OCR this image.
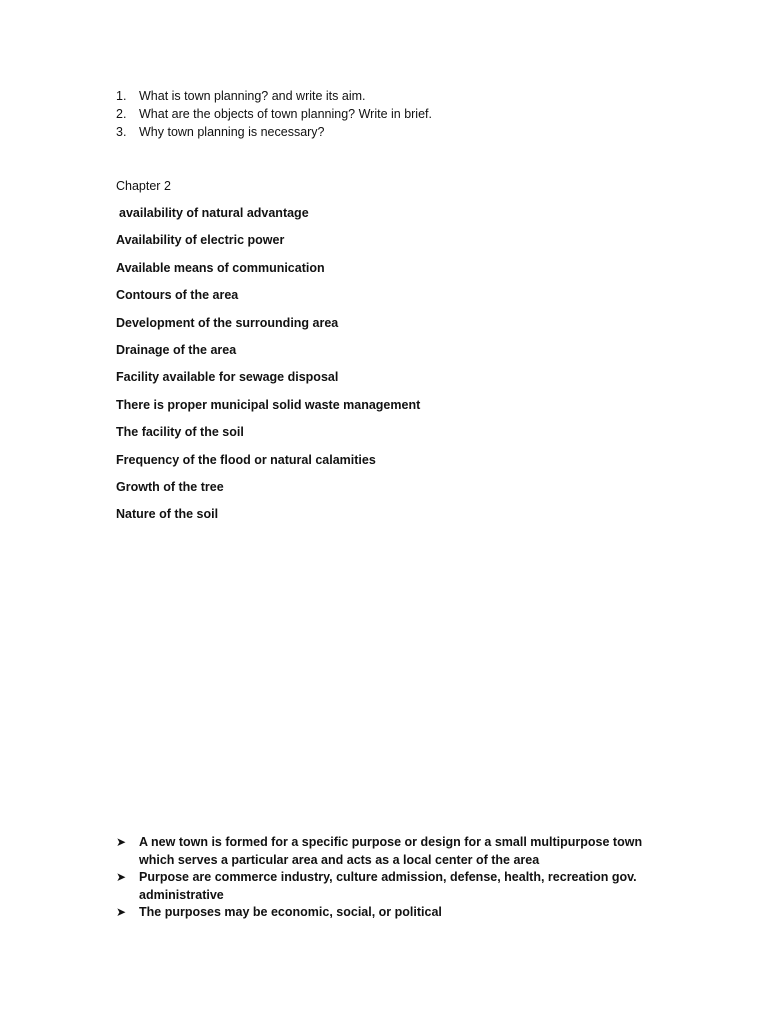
1. What is town planning? and write its aim.
2. What are the objects of town planning? Write in brief.
3. Why town planning is necessary?
Chapter 2
availability of natural advantage
Availability of electric power
Available means of communication
Contours of the area
Development of the surrounding area
Drainage of the area
Facility available for sewage disposal
There is proper municipal solid waste management
The facility of the soil
Frequency of the flood or natural calamities
Growth of the tree
Nature of the soil
➤ A new town is formed for a specific purpose or design for a small multipurpose town
which serves a particular area and acts as a local center of the area
➤ Purpose are commerce industry, culture admission, defense, health, recreation gov.
administrative
➤ The purposes may be economic, social, or political
